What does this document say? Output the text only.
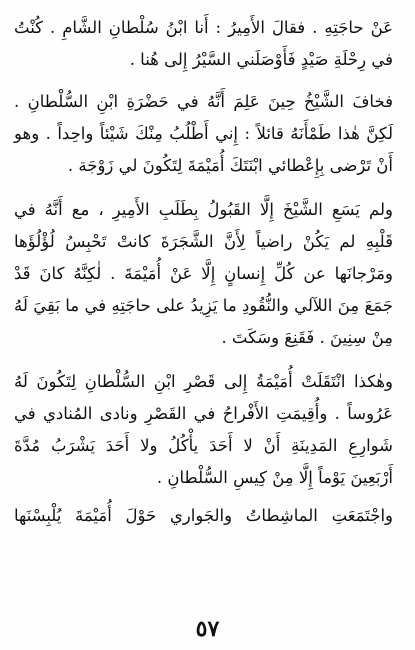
عَنْ حاجَتِهِ . فقالَ الأَمِيرُ : أَنا ابْنُ سُلْطانِ الشَّامِ . كُنْتُ
في رِحْلَةِ صَيْدٍ فَأَوْصَلَني السَّيْرُ إِلى هُنا .
فخافَ الشَّيْخُ حِينَ عَلِمَ أَنَّهُ في حَضْرَةِ ابْنِ السُّلْطانِ .
لَكِنَّ هٰذا طَمْأَنَهُ قائلاً : إِني أَطْلُبُ مِنْكَ شَيْئاً واحِداً . وهو
أَنْ تَرْضى بِإِعْطائي ابْنَتَكَ أُمَيْمَةَ لِتَكُونَ لي زَوْجَة .
ولم يَسَعِ الشَّيْخَ إِلَّا القَبُولُ بِطَلَبِ الأَمِيرِ ، مع أَنَّهُ في
قَلْبِهِ لم يَكُنْ راضياً لِأَنَّ الشَّجَرَةَ كانتْ تَحْبِسُ لُؤْلُؤَها
ومَرْجانَها عن كُلِّ إِنسانٍ إِلَّا عَنْ أُمَيْمَةَ . لٰكِنَّهُ كانَ قَدْ
جَمَعَ مِنَ اللآلي والنُّقُودِ ما يَزِيدُ على حاجَتِهِ في ما بَقِيَ لَهُ
مِنْ سِنِينَ . فَقَنِعَ وسَكَتَ .
وهٰكذا انْتَقَلَتْ أُمَيْمَةُ إِلى قَصْرِ ابْنِ السُّلْطانِ لِتَكُونَ لَهُ
عَرُوساً . وأُقِيمَتِ الأَفْراحُ في القَصْرِ ونادى المُنادي في
شَوارِعِ المَدِينَةِ أَنْ لا أَحَدَ يأْكُلُ ولا أَحَدَ يَشْرَبُ مُدَّةَ
أَرْبَعِينَ يَوْماً إِلَّا مِنْ كِيسِ السُّلْطانِ .
واجْتَمَعَتِ الماشِطاتُ والجَواري حَوْلَ أُمَيْمَةَ يُلْبِسْنَها
٥٧
